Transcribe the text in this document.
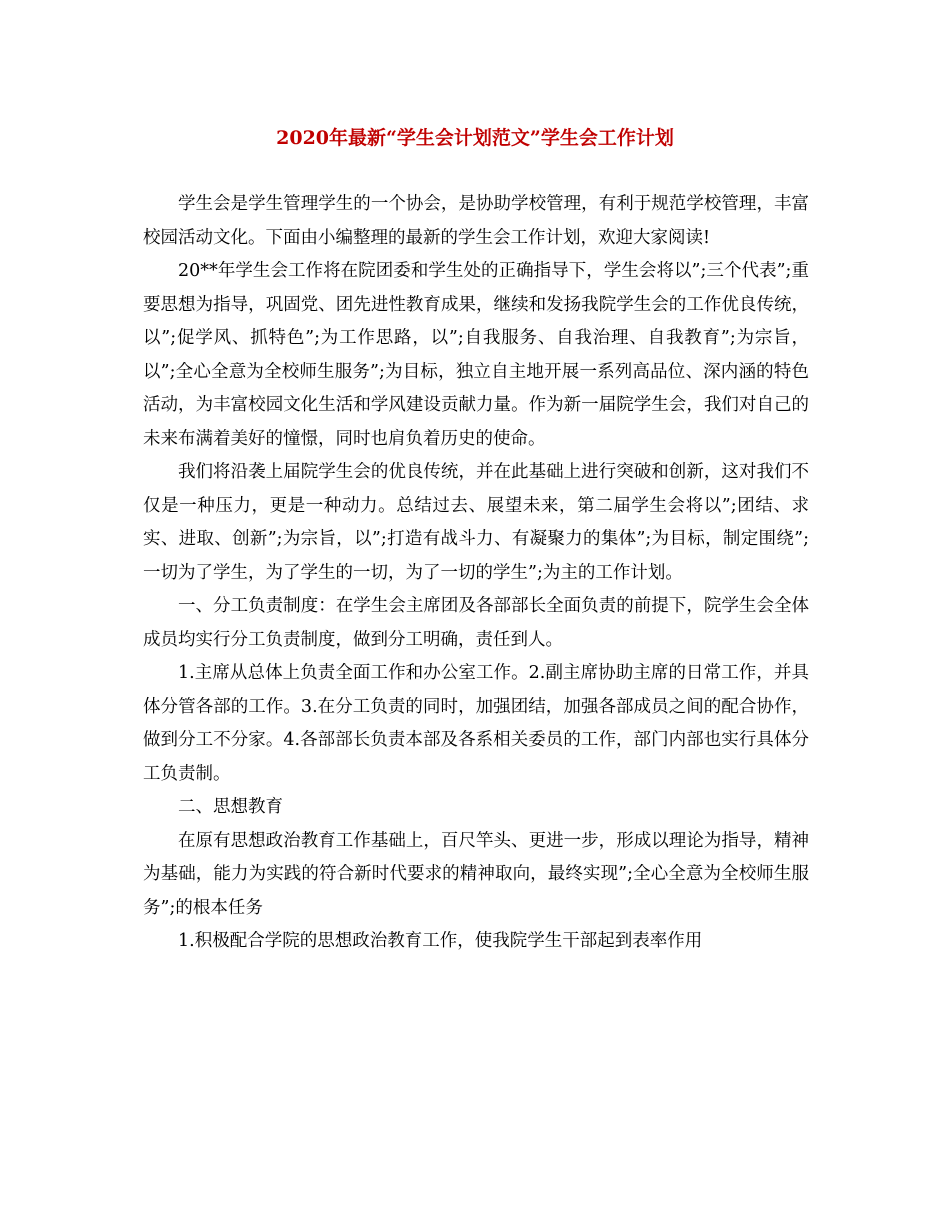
2020年最新“学生会计划范文”学生会工作计划

学生会是学生管理学生的一个协会，是协助学校管理，有利于规范学校管理，丰富校园活动文化。下面由小编整理的最新的学生会工作计划，欢迎大家阅读!

20**年学生会工作将在院团委和学生处的正确指导下，学生会将以”;三个代表”;重要思想为指导，巩固党、团先进性教育成果，继续和发扬我院学生会的工作优良传统，以”;促学风、抓特色”;为工作思路，以”;自我服务、自我治理、自我教育”;为宗旨，以”;全心全意为全校师生服务”;为目标，独立自主地开展一系列高品位、深内涵的特色活动，为丰富校园文化生活和学风建设贡献力量。作为新一届院学生会，我们对自己的未来布满着美好的憧憬，同时也肩负着历史的使命。

我们将沿袭上届院学生会的优良传统，并在此基础上进行突破和创新，这对我们不仅是一种压力，更是一种动力。总结过去、展望未来，第二届学生会将以”;团结、求实、进取、创新”;为宗旨，以”;打造有战斗力、有凝聚力的集体”;为目标，制定围绕”;一切为了学生，为了学生的一切，为了一切的学生”;为主的工作计划。

一、分工负责制度：在学生会主席团及各部部长全面负责的前提下，院学生会全体成员均实行分工负责制度，做到分工明确，责任到人。

1.主席从总体上负责全面工作和办公室工作。2.副主席协助主席的日常工作，并具体分管各部的工作。3.在分工负责的同时，加强团结，加强各部成员之间的配合协作，做到分工不分家。4.各部部长负责本部及各系相关委员的工作，部门内部也实行具体分工负责制。

二、思想教育

在原有思想政治教育工作基础上，百尺竿头、更进一步，形成以理论为指导，精神为基础，能力为实践的符合新时代要求的精神取向，最终实现”;全心全意为全校师生服务”;的根本任务

1.积极配合学院的思想政治教育工作，使我院学生干部起到表率作用
